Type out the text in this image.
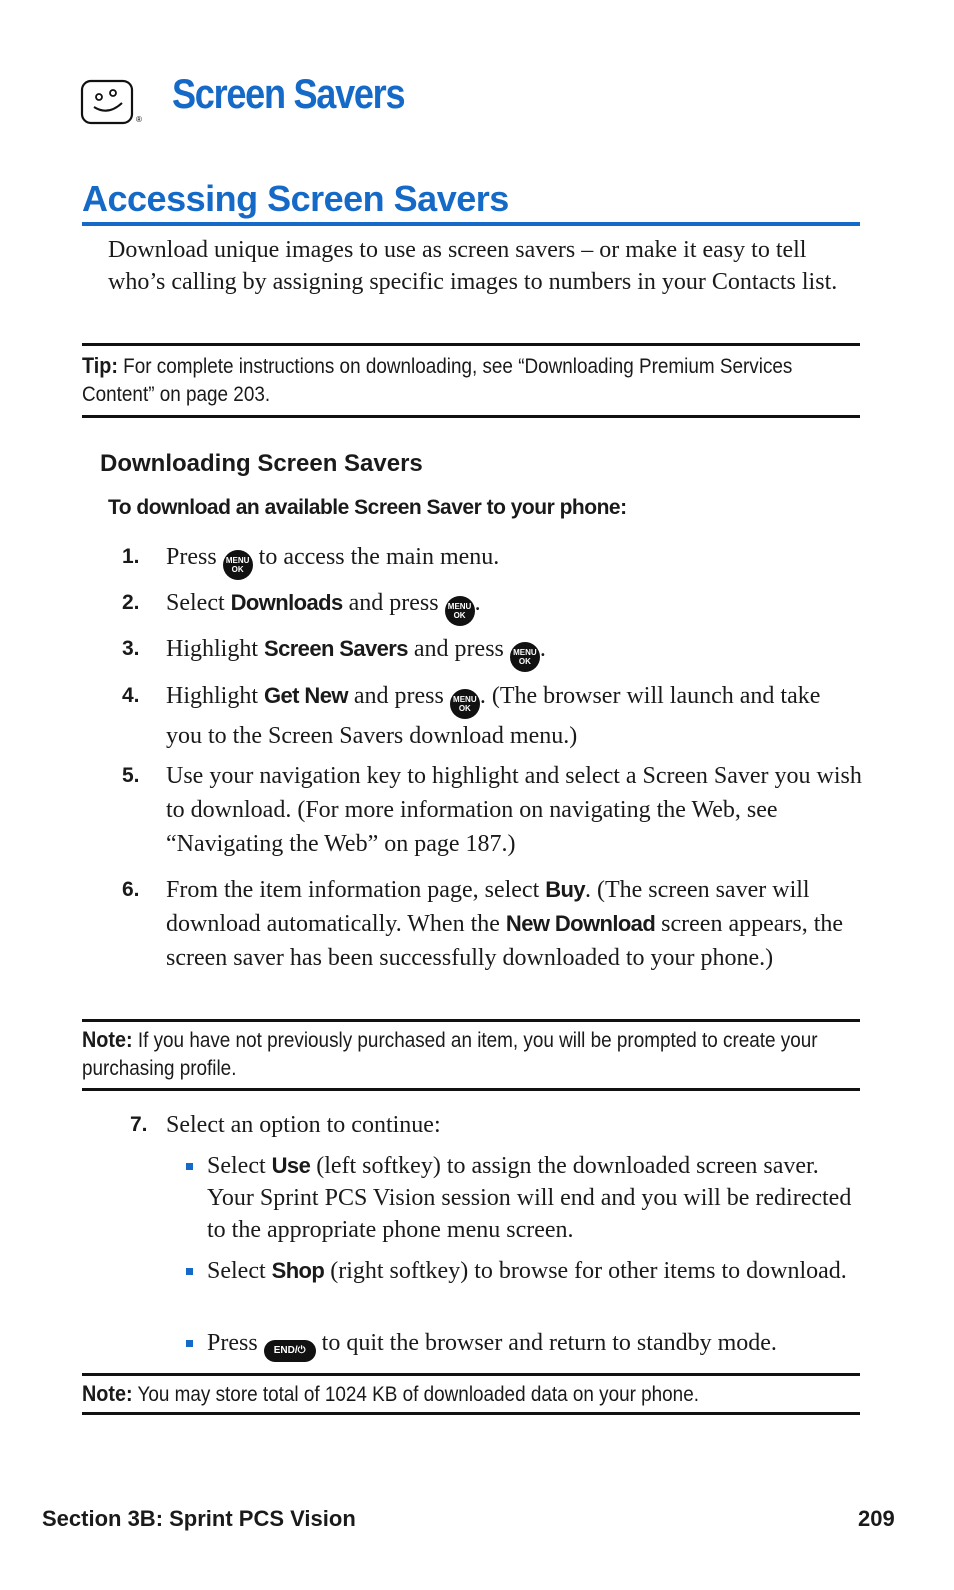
®
Screen Savers
Accessing Screen Savers
Download unique images to use as screen savers – or make it easy to tell who’s calling by assigning specific images to numbers in your Contacts list.
Tip: For complete instructions on downloading, see “Downloading Premium Services Content” on page 203.
Downloading Screen Savers
To download an available Screen Saver to your phone:
1. Press MENU
OK to access the main menu.
2. Select Downloads and press MENU
OK .
3. Highlight Screen Savers and press MENU
OK .
4. Highlight Get New and press MENU
OK . (The browser will launch and take you to the Screen Savers download menu.)
5. Use your navigation key to highlight and select a Screen Saver you wish to download. (For more information on navigating the Web, see “Navigating the Web” on page 187.)
6. From the item information page, select Buy. (The screen saver will download automatically. When the New Download screen appears, the screen saver has been successfully downloaded to your phone.)
Note: If you have not previously purchased an item, you will be prompted to create your purchasing profile.
7. Select an option to continue:
Select Use (left softkey) to assign the downloaded screen saver. Your Sprint PCS Vision session will end and you will be redirected to the appropriate phone menu screen.
Select Shop (right softkey) to browse for other items to download.
Press END/⏻ to quit the browser and return to standby mode.
Note: You may store total of 1024 KB of downloaded data on your phone.
Section 3B: Sprint PCS Vision	209
